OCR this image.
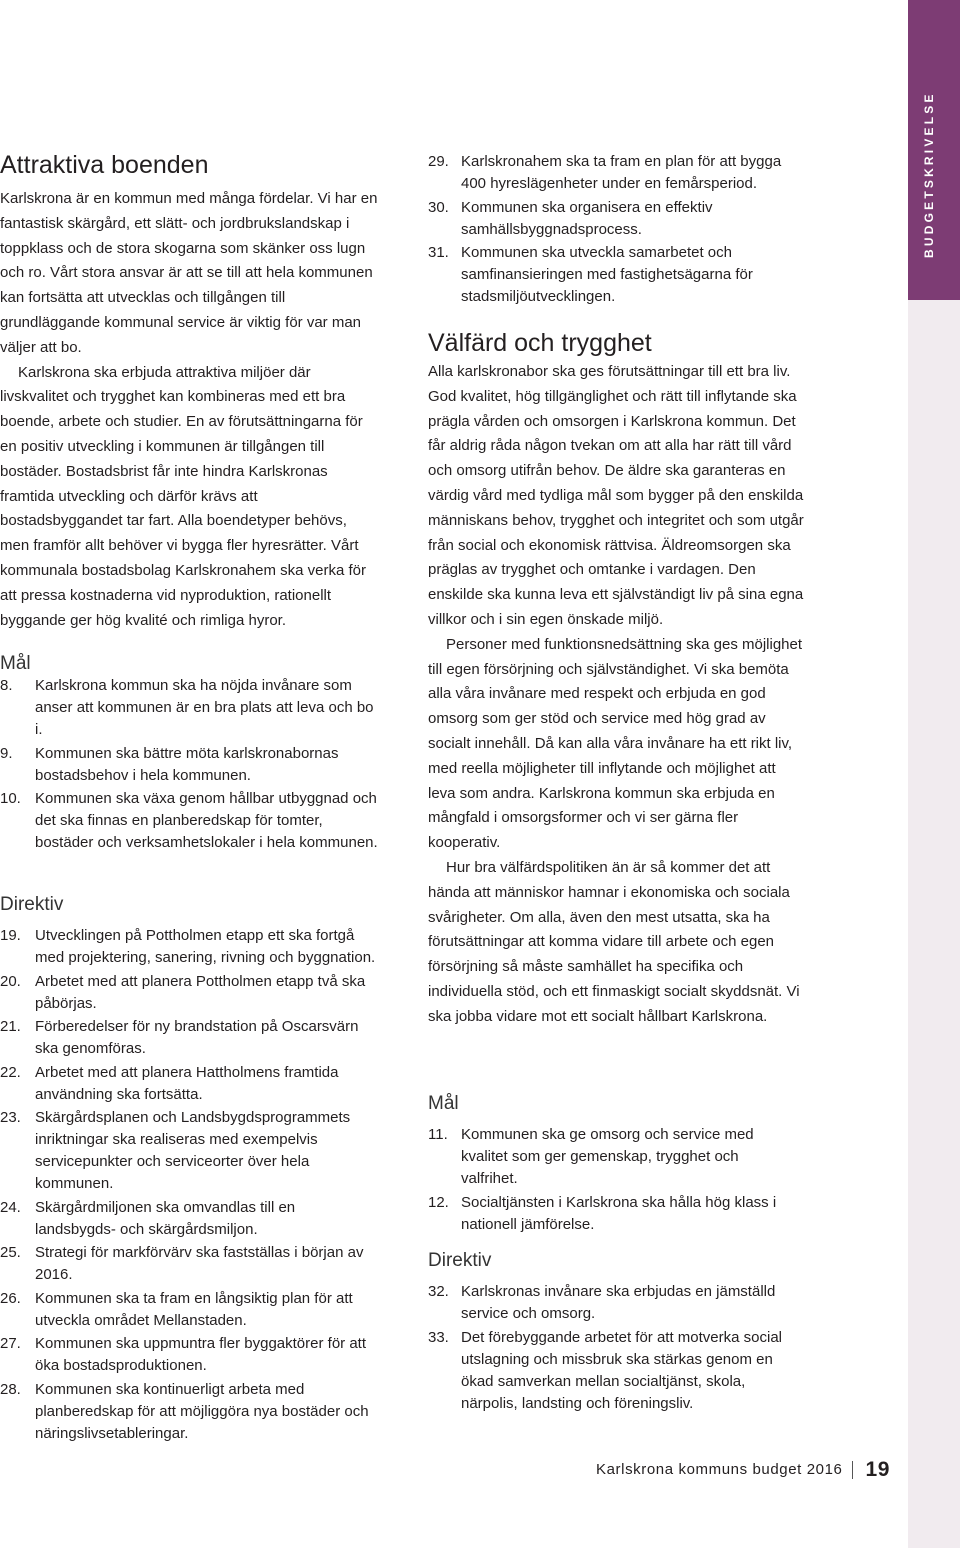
Attraktiva boenden

Karlskrona är en kommun med många fördelar. Vi har en fantastisk skärgård, ett slätt- och jordbrukslandskap i toppklass och de stora skogarna som skänker oss lugn och ro. Vårt stora ansvar är att se till att hela kommunen kan fortsätta att utvecklas och tillgången till grundläggande kommunal service är viktig för var man väljer att bo.

Karlskrona ska erbjuda attraktiva miljöer där livskvalitet och trygghet kan kombineras med ett bra boende, arbete och studier. En av förutsättningarna för en positiv utveckling i kommunen är tillgången till bostäder. Bostadsbrist får inte hindra Karlskronas framtida utveckling och därför krävs att bostadsbyggandet tar fart. Alla boendetyper behövs, men framför allt behöver vi bygga fler hyresrätter. Vårt kommunala bostadsbolag Karlskronahem ska verka för att pressa kostnaderna vid nyproduktion, rationellt byggande ger hög kvalité och rimliga hyror.

Mål
8. Karlskrona kommun ska ha nöjda invånare som anser att kommunen är en bra plats att leva och bo i.
9. Kommunen ska bättre möta karlskronabornas bostadsbehov i hela kommunen.
10. Kommunen ska växa genom hållbar utbyggnad och det ska finnas en planberedskap för tomter, bostäder och verksamhetslokaler i hela kommunen.
Direktiv
19. Utvecklingen på Pottholmen etapp ett ska fortgå med projektering, sanering, rivning och byggnation.
20. Arbetet med att planera Pottholmen etapp två ska påbörjas.
21. Förberedelser för ny brandstation på Oscarsvärn ska genomföras.
22. Arbetet med att planera Hattholmens framtida användning ska fortsätta.
23. Skärgårdsplanen och Landsbygdsprogrammets inriktningar ska realiseras med exempelvis servicepunkter och serviceorter över hela kommunen.
24. Skärgårdmiljonen ska omvandlas till en landsbygds- och skärgårdsmiljon.
25. Strategi för markförvärv ska fastställas i början av 2016.
26. Kommunen ska ta fram en långsiktig plan för att utveckla området Mellanstaden.
27. Kommunen ska uppmuntra fler byggaktörer för att öka bostadsproduktionen.
28. Kommunen ska kontinuerligt arbeta med planberedskap för att möjliggöra nya bostäder och näringslivsetableringar.
29. Karlskronahem ska ta fram en plan för att bygga 400 hyreslägenheter under en femårsperiod.
30. Kommunen ska organisera en effektiv samhällsbyggnadsprocess.
31. Kommunen ska utveckla samarbetet och samfinansieringen med fastighetsägarna för stadsmiljöutvecklingen.
Välfärd och trygghet

Alla karlskronabor ska ges förutsättningar till ett bra liv. God kvalitet, hög tillgänglighet och rätt till inflytande ska prägla vården och omsorgen i Karlskrona kommun. Det får aldrig råda någon tvekan om att alla har rätt till vård och omsorg utifrån behov. De äldre ska garanteras en värdig vård med tydliga mål som bygger på den enskilda människans behov, trygghet och integritet och som utgår från social och ekonomisk rättvisa. Äldreomsorgen ska präglas av trygghet och omtanke i vardagen. Den enskilde ska kunna leva ett självständigt liv på sina egna villkor och i sin egen önskade miljö.

Personer med funktionsnedsättning ska ges möjlighet till egen försörjning och självständighet. Vi ska bemöta alla våra invånare med respekt och erbjuda en god omsorg som ger stöd och service med hög grad av socialt innehåll. Då kan alla våra invånare ha ett rikt liv, med reella möjligheter till inflytande och möjlighet att leva som andra. Karlskrona kommun ska erbjuda en mångfald i omsorgsformer och vi ser gärna fler kooperativ.

Hur bra välfärdspolitiken än är så kommer det att hända att människor hamnar i ekonomiska och sociala svårigheter. Om alla, även den mest utsatta, ska ha förutsättningar att komma vidare till arbete och egen försörjning så måste samhället ha specifika och individuella stöd, och ett finmaskigt socialt skyddsnät. Vi ska jobba vidare mot ett socialt hållbart Karlskrona.

Mål
11. Kommunen ska ge omsorg och service med kvalitet som ger gemenskap, trygghet och valfrihet.
12. Socialtjänsten i Karlskrona ska hålla hög klass i nationell jämförelse.
Direktiv
32. Karlskronas invånare ska erbjudas en jämställd service och omsorg.
33. Det förebyggande arbetet för att motverka social utslagning och missbruk ska stärkas genom en ökad samverkan mellan socialtjänst, skola, närpolis, landsting och föreningsliv.
Karlskrona kommuns budget 2016 19
